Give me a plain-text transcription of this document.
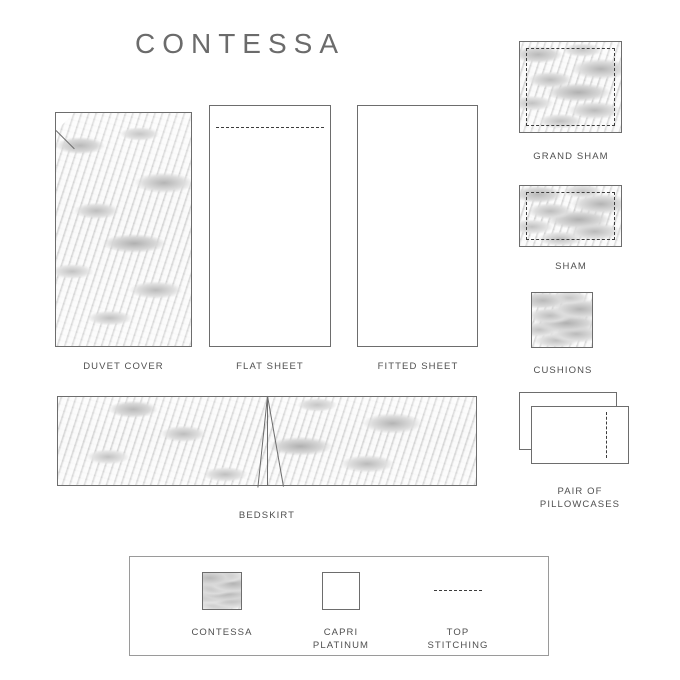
CONTESSA
DUVET COVER	FLAT SHEET	FITTED SHEET
GRAND SHAM
SHAM
CUSHIONS
PAIR OF
PILLOWCASES
BEDSKIRT
CONTESSA	CAPRI
PLATINUM
TOP
STITCHING
